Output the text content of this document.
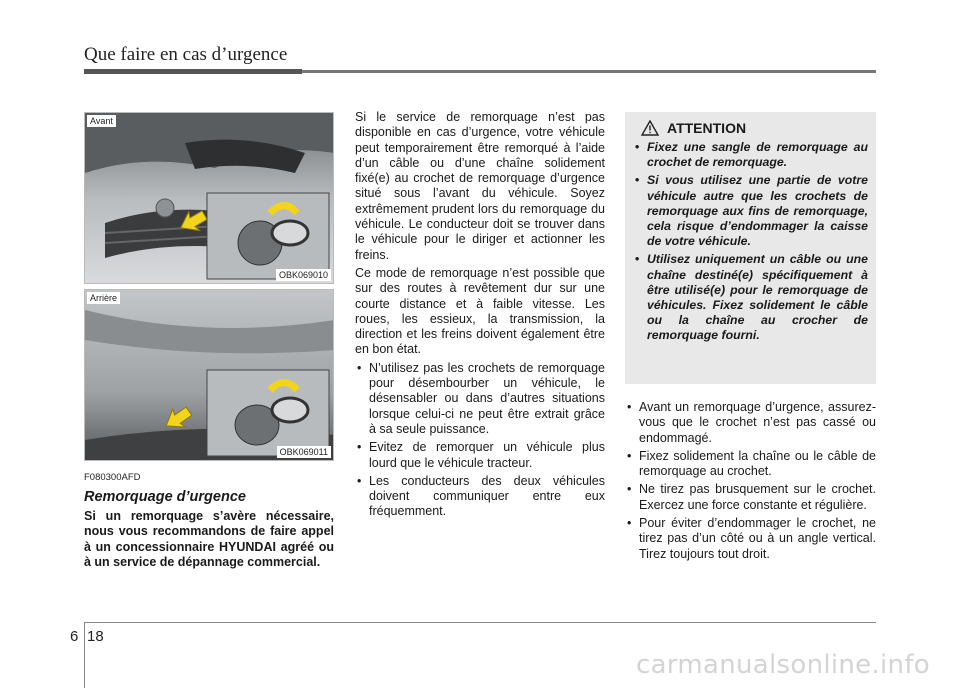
Que faire en cas d’urgence
Avant
OBK069010
Arrière
OBK069011
F080300AFD
Remorquage d’urgence
Si un remorquage s’avère nécessaire, nous vous recommandons de faire appel à un concessionnaire HYUNDAI agréé ou à un service de dépannage commercial.

Si le service de remorquage n’est pas disponible en cas d’urgence, votre véhicule peut temporairement être remorqué à l’aide d’un câble ou d’une chaîne solidement fixé(e) au crochet de remorquage d’urgence situé sous l’avant du véhicule. Soyez extrêmement prudent lors du remorquage du véhicule. Le conducteur doit se trouver dans le véhicule pour le diriger et actionner les freins.

Ce mode de remorquage n’est possible que sur des routes à revêtement dur sur une courte distance et à faible vitesse. Les roues, les essieux, la transmission, la direction et les freins doivent également être en bon état.

• N’utilisez pas les crochets de remorquage pour désembourber un véhicule, le désensabler ou dans d’autres situations lorsque celui-ci ne peut être extrait grâce à sa seule puissance.
• Evitez de remorquer un véhicule plus lourd que le véhicule tracteur.
• Les conducteurs des deux véhicules doivent communiquer entre eux fréquemment.
ATTENTION
• Fixez une sangle de remorquage au crochet de remorquage.
• Si vous utilisez une partie de votre véhicule autre que les crochets de remorquage aux fins de remorquage, cela risque d’endommager la caisse de votre véhicule.
• Utilisez uniquement un câble ou une chaîne destiné(e) spécifiquement à être utilisé(e) pour le remorquage de véhicules. Fixez solidement le câble ou la chaîne au crocher de remorquage fourni.
• Avant un remorquage d’urgence, assurez-vous que le crochet n’est pas cassé ou endommagé.
• Fixez solidement la chaîne ou le câble de remorquage au crochet.
• Ne tirez pas brusquement sur le crochet. Exercez une force constante et régulière.
• Pour éviter d’endommager le crochet, ne tirez pas d’un côté ou à un angle vertical. Tirez toujours tout droit.
6 18
carmanualsonline.info
